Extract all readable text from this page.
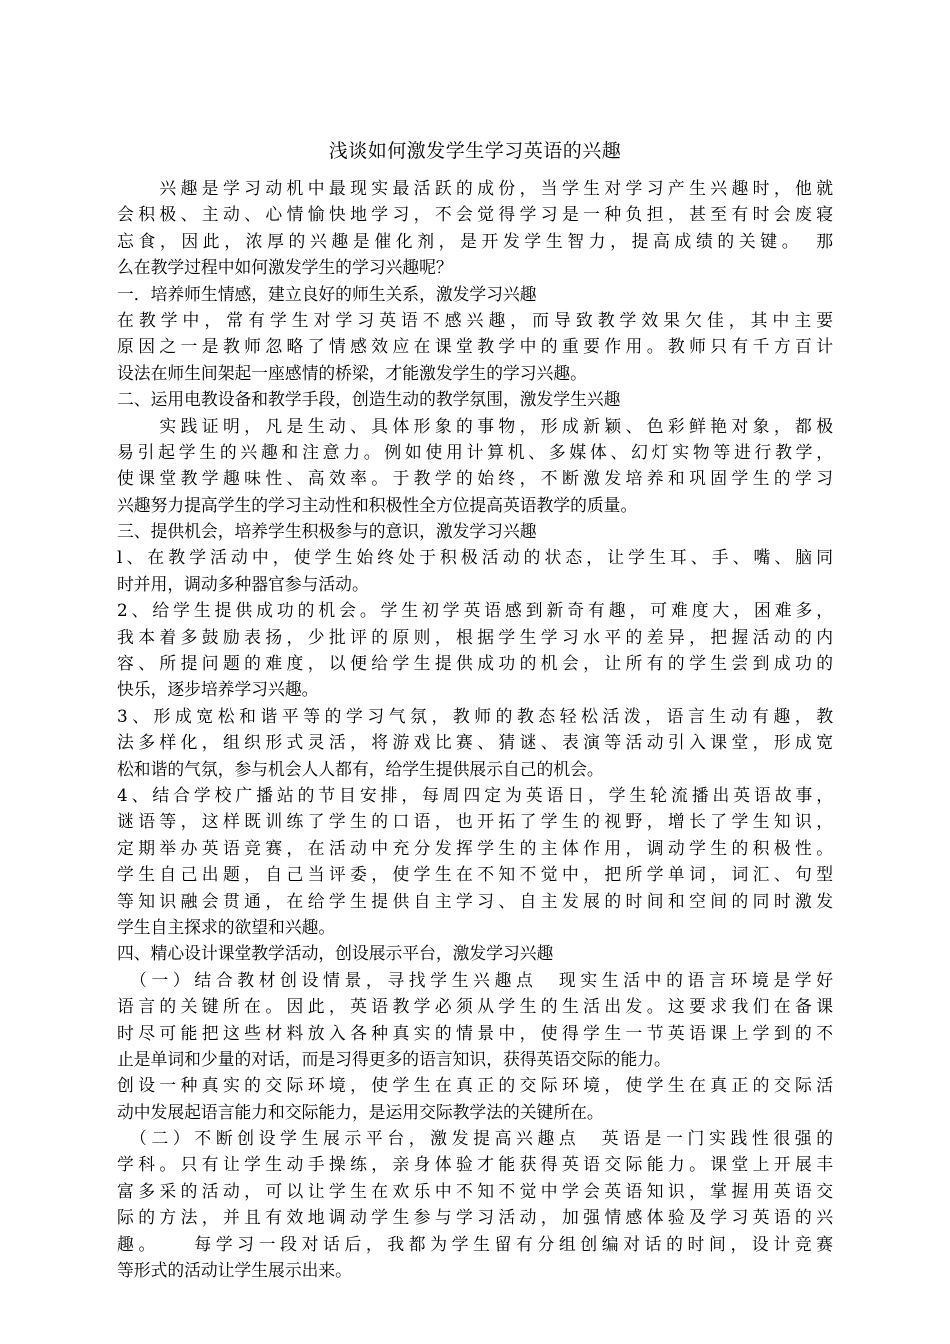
浅谈如何激发学生学习英语的兴趣
　　兴趣是学习动机中最现实最活跃的成份，当学生对学习产生兴趣时，他就
会积极、主动、心情愉快地学习，不会觉得学习是一种负担，甚至有时会废寝
忘食，因此，浓厚的兴趣是催化剂，是开发学生智力，提高成绩的关键。　那
么在教学过程中如何激发学生的学习兴趣呢？
一．培养师生情感，建立良好的师生关系，激发学习兴趣
在教学中，常有学生对学习英语不感兴趣，而导致教学效果欠佳，其中主要
原因之一是教师忽略了情感效应在课堂教学中的重要作用。教师只有千方百计
设法在师生间架起一座感情的桥梁，才能激发学生的学习兴趣。
二、运用电教设备和教学手段，创造生动的教学氛围，激发学生兴趣
　　实践证明，凡是生动、具体形象的事物，形成新颖、色彩鲜艳对象，都极
易引起学生的兴趣和注意力。例如使用计算机、多媒体、幻灯实物等进行教学，
使课堂教学趣味性、高效率。于教学的始终，不断激发培养和巩固学生的学习
兴趣努力提高学生的学习主动性和积极性全方位提高英语教学的质量。
三、提供机会，培养学生积极参与的意识，激发学习兴趣
l、在教学活动中，使学生始终处于积极活动的状态，让学生耳、手、嘴、脑同
时并用，调动多种器官参与活动。
2、给学生提供成功的机会。学生初学英语感到新奇有趣，可难度大，困难多，
我本着多鼓励表扬，少批评的原则，根据学生学习水平的差异，把握活动的内
容、所提问题的难度，以便给学生提供成功的机会，让所有的学生尝到成功的
快乐，逐步培养学习兴趣。
3、形成宽松和谐平等的学习气氛，教师的教态轻松活泼，语言生动有趣，教
法多样化，组织形式灵活，将游戏比赛、猜谜、表演等活动引入课堂，形成宽
松和谐的气氛，参与机会人人都有，给学生提供展示自己的机会。
4、结合学校广播站的节目安排，每周四定为英语日，学生轮流播出英语故事，
谜语等，这样既训练了学生的口语，也开拓了学生的视野，增长了学生知识，
定期举办英语竞赛，在活动中充分发挥学生的主体作用，调动学生的积极性。
学生自己出题，自己当评委，使学生在不知不觉中，把所学单词，词汇、句型
等知识融会贯通，在给学生提供自主学习、自主发展的时间和空间的同时激发
学生自主探求的欲望和兴趣。
四、精心设计课堂教学活动，创设展示平台，激发学习兴趣
　（一）结合教材创设情景，寻找学生兴趣点　现实生活中的语言环境是学好
语言的关键所在。因此，英语教学必须从学生的生活出发。这要求我们在备课
时尽可能把这些材料放入各种真实的情景中，使得学生一节英语课上学到的不
止是单词和少量的对话，而是习得更多的语言知识，获得英语交际的能力。
创设一种真实的交际环境，使学生在真正的交际环境，使学生在真正的交际活
动中发展起语言能力和交际能力，是运用交际教学法的关键所在。
　（二）不断创设学生展示平台，激发提高兴趣点　英语是一门实践性很强的
学科。只有让学生动手操练，亲身体验才能获得英语交际能力。课堂上开展丰
富多采的活动，可以让学生在欢乐中不知不觉中学会英语知识，掌握用英语交
际的方法，并且有效地调动学生参与学习活动，加强情感体验及学习英语的兴
趣。　　每学习一段对话后，我都为学生留有分组创编对话的时间，设计竞赛
等形式的活动让学生展示出来。
